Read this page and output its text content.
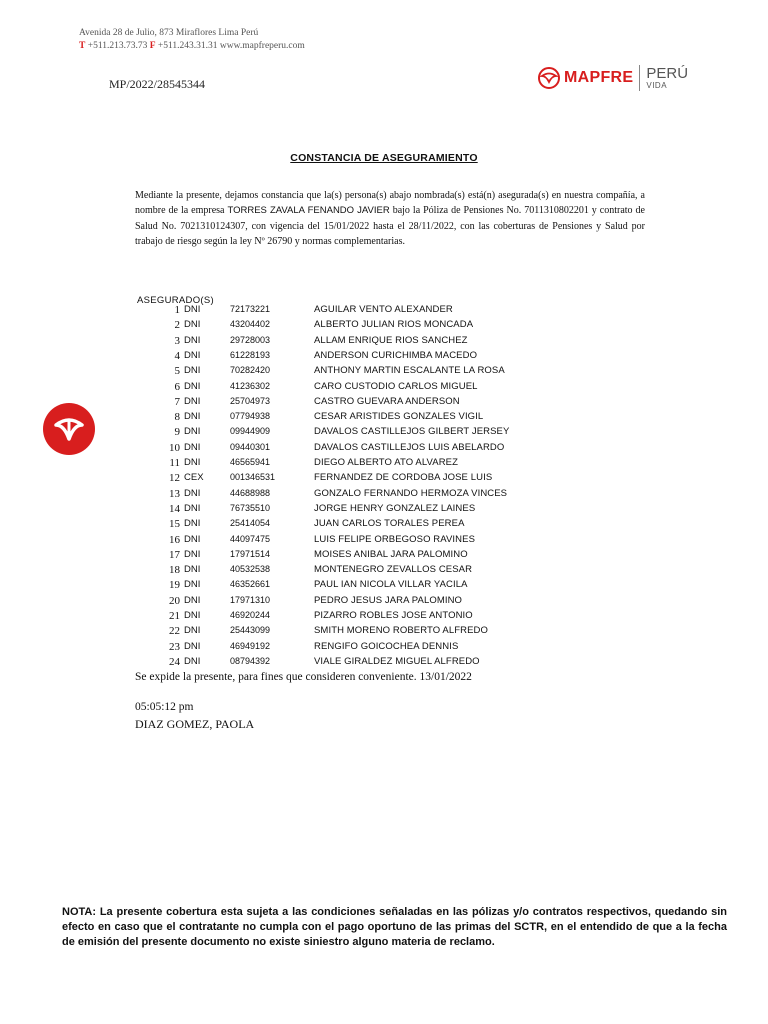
Avenida 28 de Julio, 873 Miraflores Lima Perú
T +511.213.73.73 F +511.243.31.31 www.mapfreperu.com
MP/2022/28545344	MAPFRE PERÚ
VIDA
CONSTANCIA DE ASEGURAMIENTO
Mediante la presente, dejamos constancia que la(s) persona(s) abajo nombrada(s) está(n) asegurada(s) en nuestra compañía, a nombre de la empresa TORRES ZAVALA FENANDO JAVIER bajo la Póliza de Pensiones No. 7011310802201 y contrato de Salud No. 7021310124307, con vigencia del 15/01/2022 hasta el 28/11/2022, con las coberturas de Pensiones y Salud por trabajo de riesgo según la ley Nº 26790 y normas complementarias.
ASEGURADO(S)
1 DNI	72173221	AGUILAR VENTO ALEXANDER
2 DNI	43204402	ALBERTO JULIAN RIOS MONCADA
3 DNI	29728003	ALLAM ENRIQUE RIOS SANCHEZ
4 DNI	61228193	ANDERSON CURICHIMBA MACEDO
5 DNI	70282420	ANTHONY MARTIN ESCALANTE LA ROSA
6 DNI	41236302	CARO CUSTODIO CARLOS MIGUEL
7 DNI	25704973	CASTRO GUEVARA ANDERSON
8 DNI	07794938	CESAR ARISTIDES GONZALES VIGIL
9 DNI	09944909	DAVALOS CASTILLEJOS GILBERT JERSEY
10 DNI	09440301	DAVALOS CASTILLEJOS LUIS ABELARDO
11 DNI	46565941	DIEGO ALBERTO ATO ALVAREZ
12 CEX	001346531	FERNANDEZ DE CORDOBA JOSE LUIS
13 DNI	44688988	GONZALO FERNANDO HERMOZA VINCES
14 DNI	76735510	JORGE HENRY GONZALEZ LAINES
15 DNI	25414054	JUAN CARLOS TORALES PEREA
16 DNI	44097475	LUIS FELIPE ORBEGOSO RAVINES
17 DNI	17971514	MOISES ANIBAL JARA PALOMINO
18 DNI	40532538	MONTENEGRO ZEVALLOS CESAR
19 DNI	46352661	PAUL IAN NICOLA VILLAR YACILA
20 DNI	17971310	PEDRO JESUS JARA PALOMINO
21 DNI	46920244	PIZARRO ROBLES JOSE ANTONIO
22 DNI	25443099	SMITH MORENO ROBERTO ALFREDO
23 DNI	46949192	RENGIFO GOICOCHEA DENNIS
24 DNI	08794392	VIALE GIRALDEZ MIGUEL ALFREDO
Se expide la presente, para fines que consideren conveniente. 13/01/2022
05:05:12 pm
DIAZ GOMEZ, PAOLA
NOTA: La presente cobertura esta sujeta a las condiciones señaladas en las pólizas y/o contratos respectivos, quedando sin efecto en caso que el contratante no cumpla con el pago oportuno de las primas del SCTR, en el entendido de que a la fecha de emisión del presente documento no existe siniestro alguno materia de reclamo.
